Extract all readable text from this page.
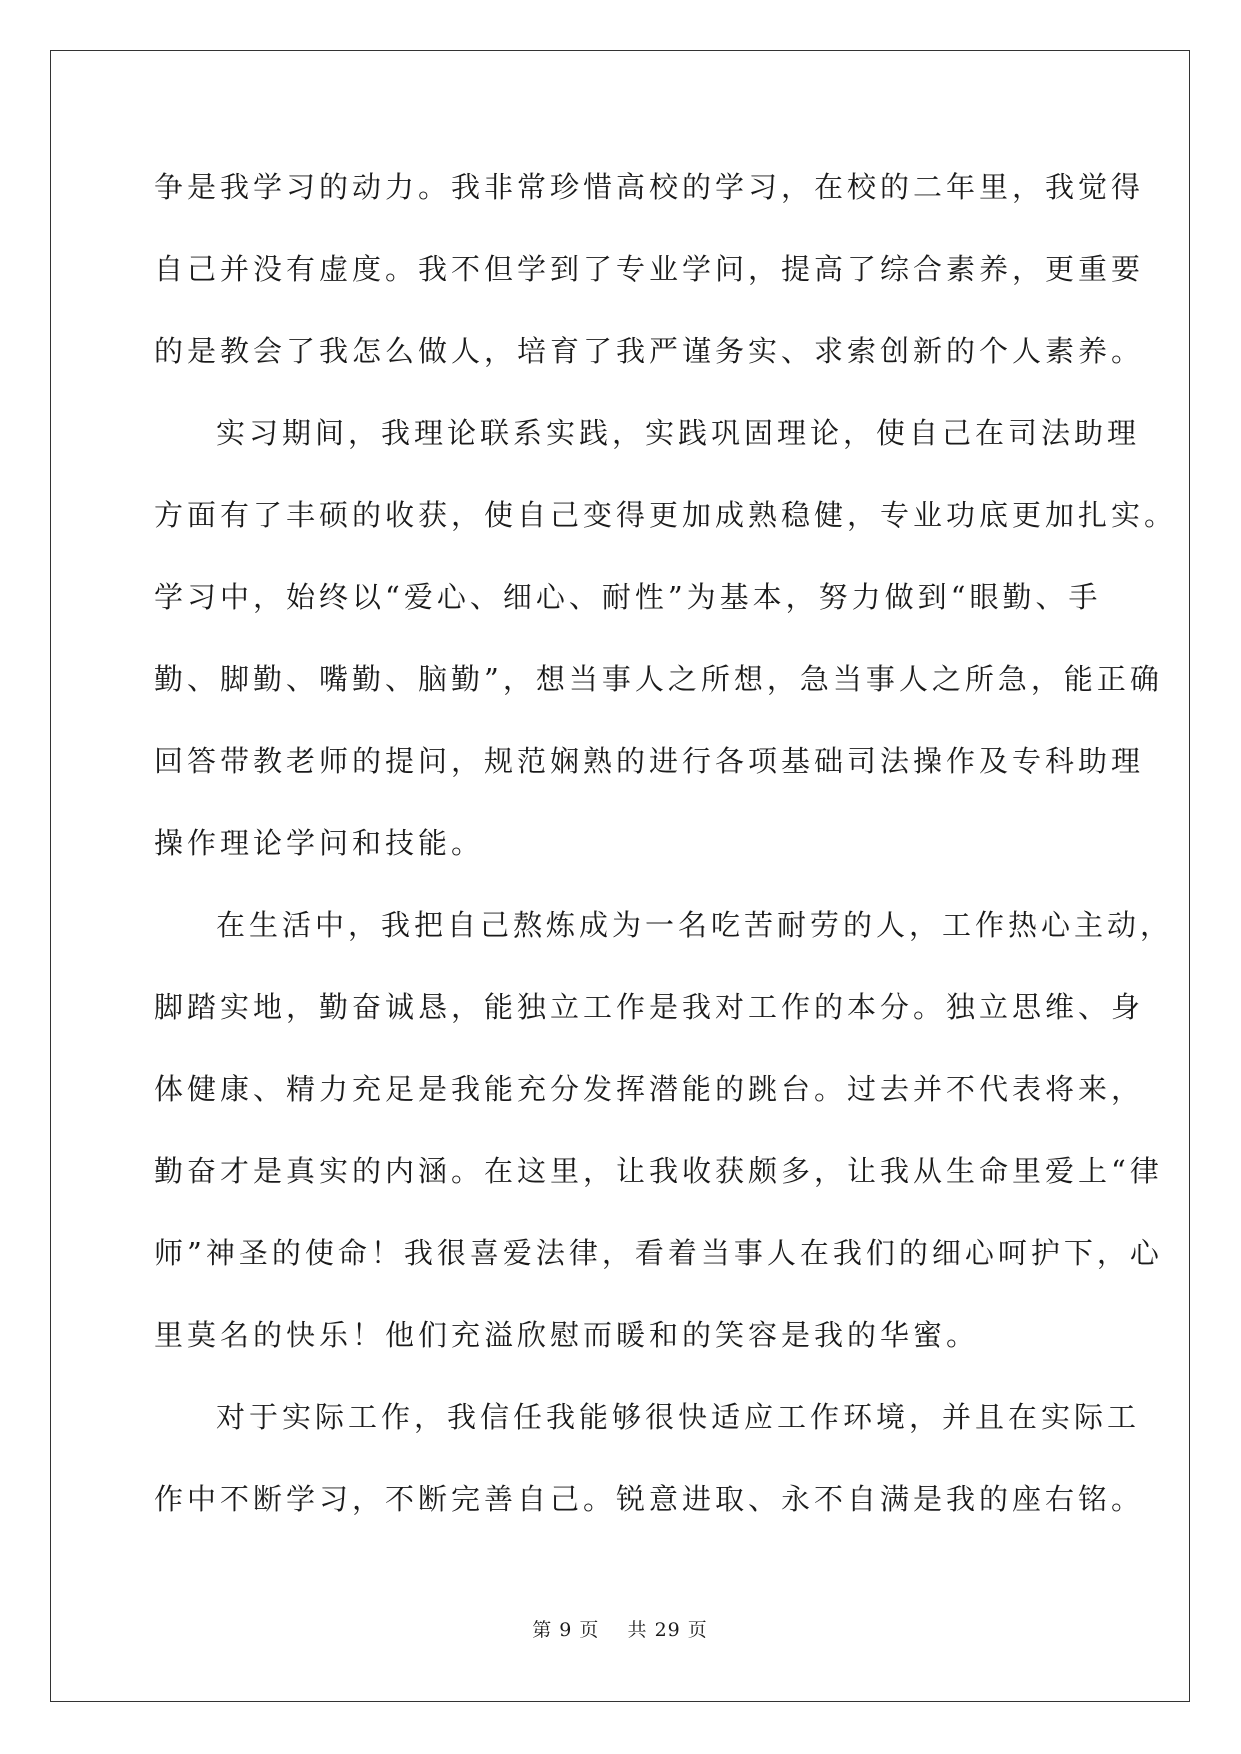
争是我学习的动力。我非常珍惜高校的学习，在校的二年里，我觉得
自己并没有虚度。我不但学到了专业学问，提高了综合素养，更重要
的是教会了我怎么做人，培育了我严谨务实、求索创新的个人素养。
实习期间，我理论联系实践，实践巩固理论，使自己在司法助理
方面有了丰硕的收获，使自己变得更加成熟稳健，专业功底更加扎实。
学习中，始终以“爱心、细心、耐性”为基本，努力做到“眼勤、手
勤、脚勤、嘴勤、脑勤”，想当事人之所想，急当事人之所急，能正确
回答带教老师的提问，规范娴熟的进行各项基础司法操作及专科助理
操作理论学问和技能。
在生活中，我把自己熬炼成为一名吃苦耐劳的人，工作热心主动，
脚踏实地，勤奋诚恳，能独立工作是我对工作的本分。独立思维、身
体健康、精力充足是我能充分发挥潜能的跳台。过去并不代表将来，
勤奋才是真实的内涵。在这里，让我收获颇多，让我从生命里爱上“律
师”神圣的使命！我很喜爱法律，看着当事人在我们的细心呵护下，心
里莫名的快乐！他们充溢欣慰而暖和的笑容是我的华蜜。
对于实际工作，我信任我能够很快适应工作环境，并且在实际工
作中不断学习，不断完善自己。锐意进取、永不自满是我的座右铭。
第 9 页 共 29 页
